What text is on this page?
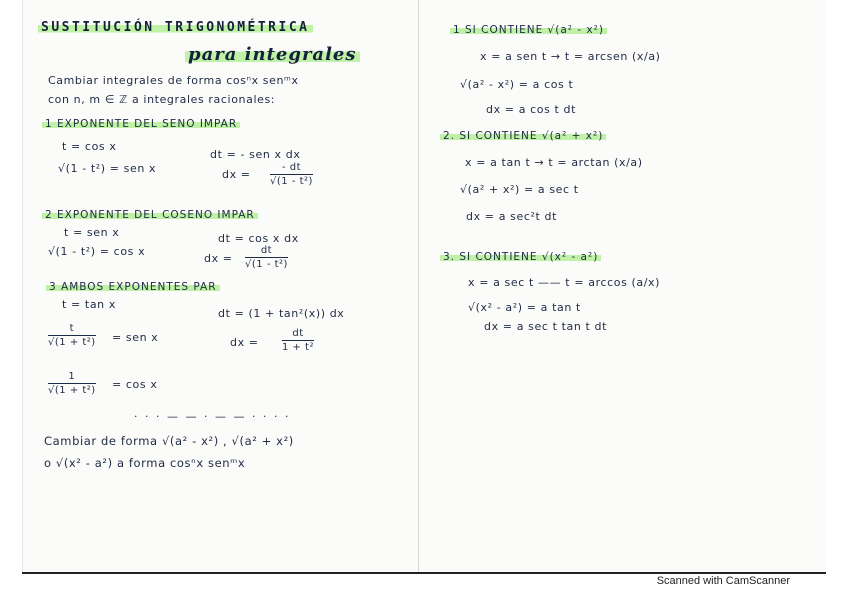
SUSTITUCIÓN TRIGONOMÉTRICA
para integrales
Cambiar integrales de forma cosⁿx senᵐx
con n, m ∈ ℤ a integrales racionales:
1 EXPONENTE DEL SENO IMPAR
t = cos x
√(1 - t²) = sen x
dt = - sen x dx
dx =
- dt
√(1 - t²)
2 EXPONENTE DEL COSENO IMPAR
t = sen x
√(1 - t²) = cos x
dt = cos x dx
dx =
dt
√(1 - t²)
3 AMBOS EXPONENTES PAR
t = tan x
dt = (1 + tan²(x)) dx
t
√(1 + t²) = sen x	dx =
dt
1 + t²
1
√(1 + t²) = cos x
· · · — — · — — · · · ·
Cambiar de forma √(a² - x²) , √(a² + x²)
o √(x² - a²) a forma cosⁿx senᵐx
1 SI CONTIENE √(a² - x²)
x = a sen t → t = arcsen (x/a)
√(a² - x²) = a cos t
dx = a cos t dt
2. SI CONTIENE √(a² + x²)
x = a tan t → t = arctan (x/a)
√(a² + x²) = a sec t
dx = a sec²t dt
3. SI CONTIENE √(x² - a²)
x = a sec t —— t = arccos (a/x)
√(x² - a²) = a tan t
dx = a sec t tan t dt
Scanned with CamScanner
